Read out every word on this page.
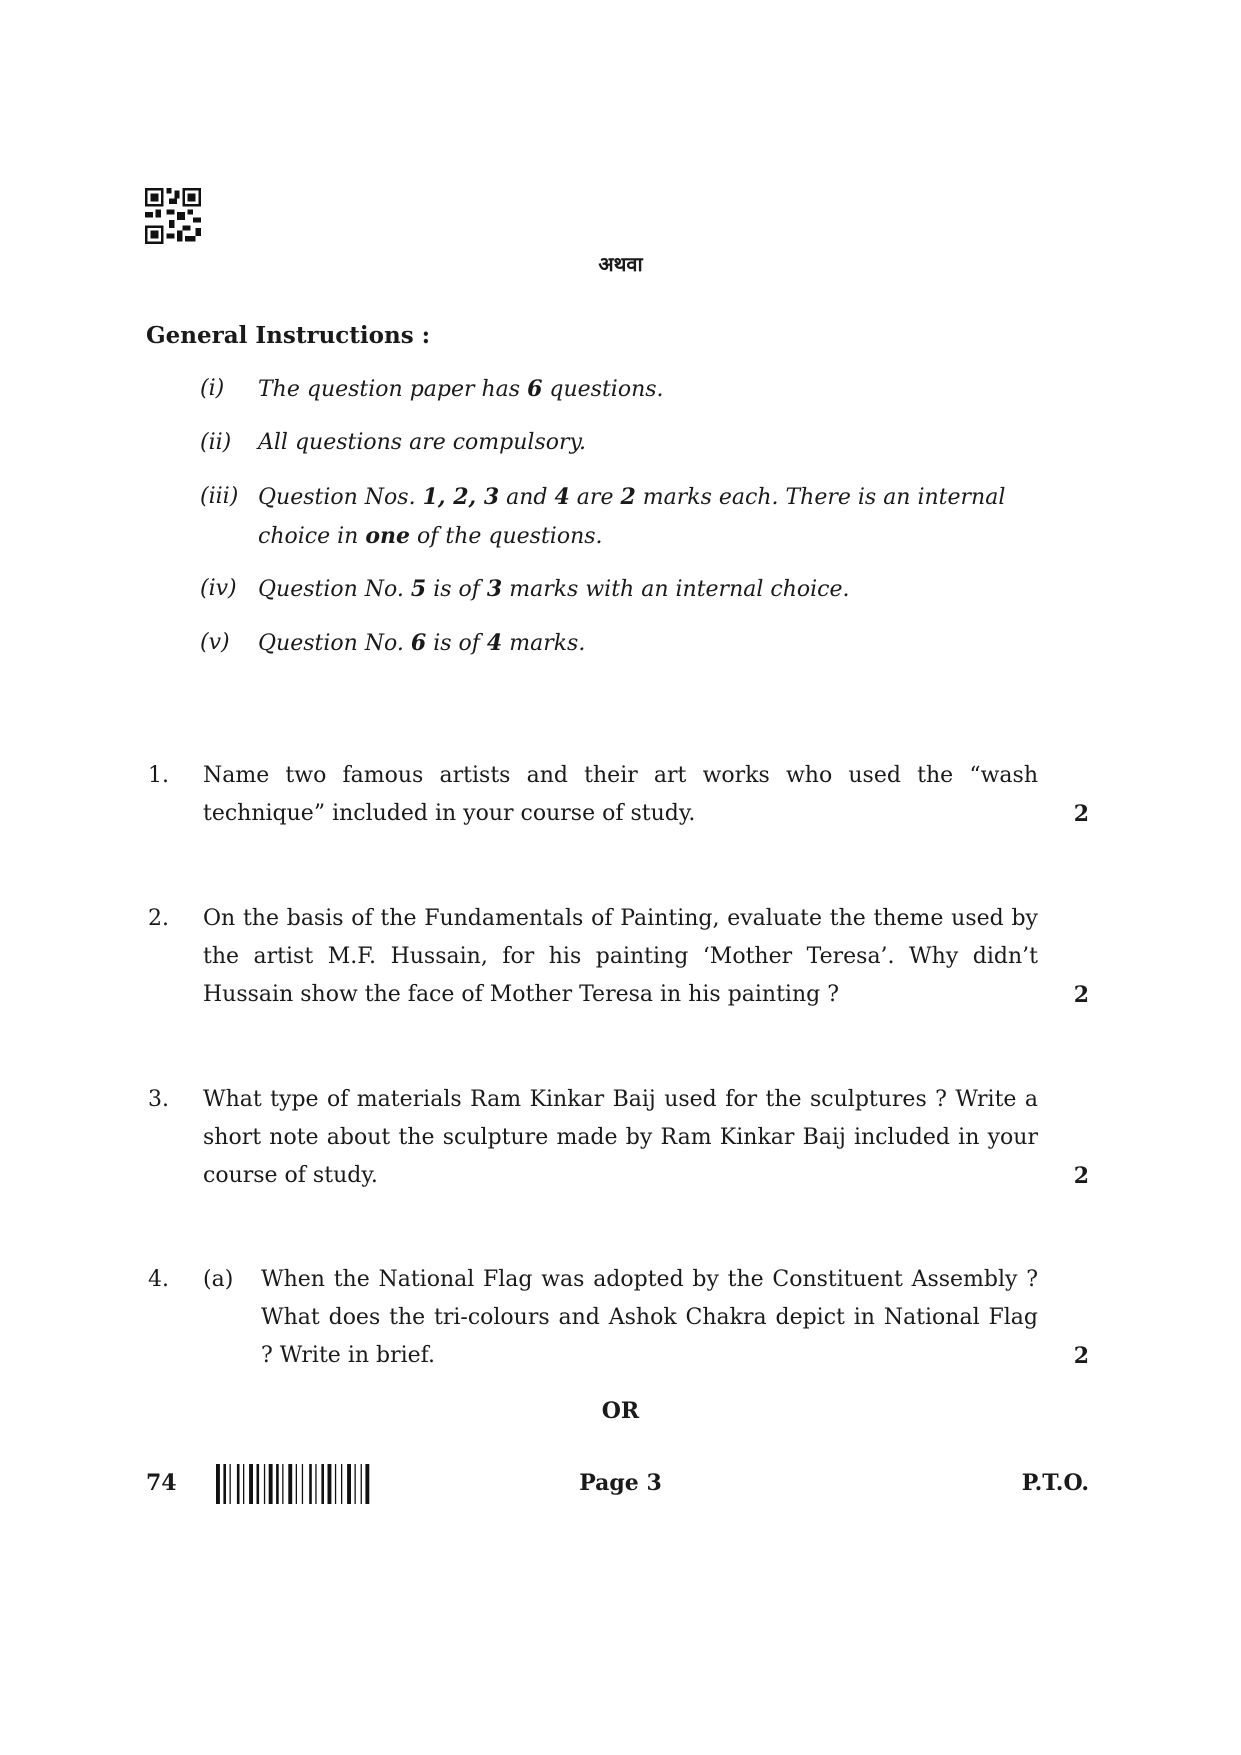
अथवा
General Instructions :
(i) The question paper has 6 questions.
(ii) All questions are compulsory.
(iii) Question Nos. 1, 2, 3 and 4 are 2 marks each. There is an internal choice in one of the questions.
(iv) Question No. 5 is of 3 marks with an internal choice.
(v) Question No. 6 is of 4 marks.
1. Name two famous artists and their art works who used the “wash technique” included in your course of study.	2
2. On the basis of the Fundamentals of Painting, evaluate the theme used by the artist M.F. Hussain, for his painting ‘Mother Teresa’. Why didn’t Hussain show the face of Mother Teresa in his painting ?	2
3. What type of materials Ram Kinkar Baij used for the sculptures ? Write a short note about the sculpture made by Ram Kinkar Baij included in your course of study.	2
4. (a) When the National Flag was adopted by the Constituent Assembly ? What does the tri-colours and Ashok Chakra depict in National Flag ? Write in brief.	2
OR
74	Page 3	P.T.O.
